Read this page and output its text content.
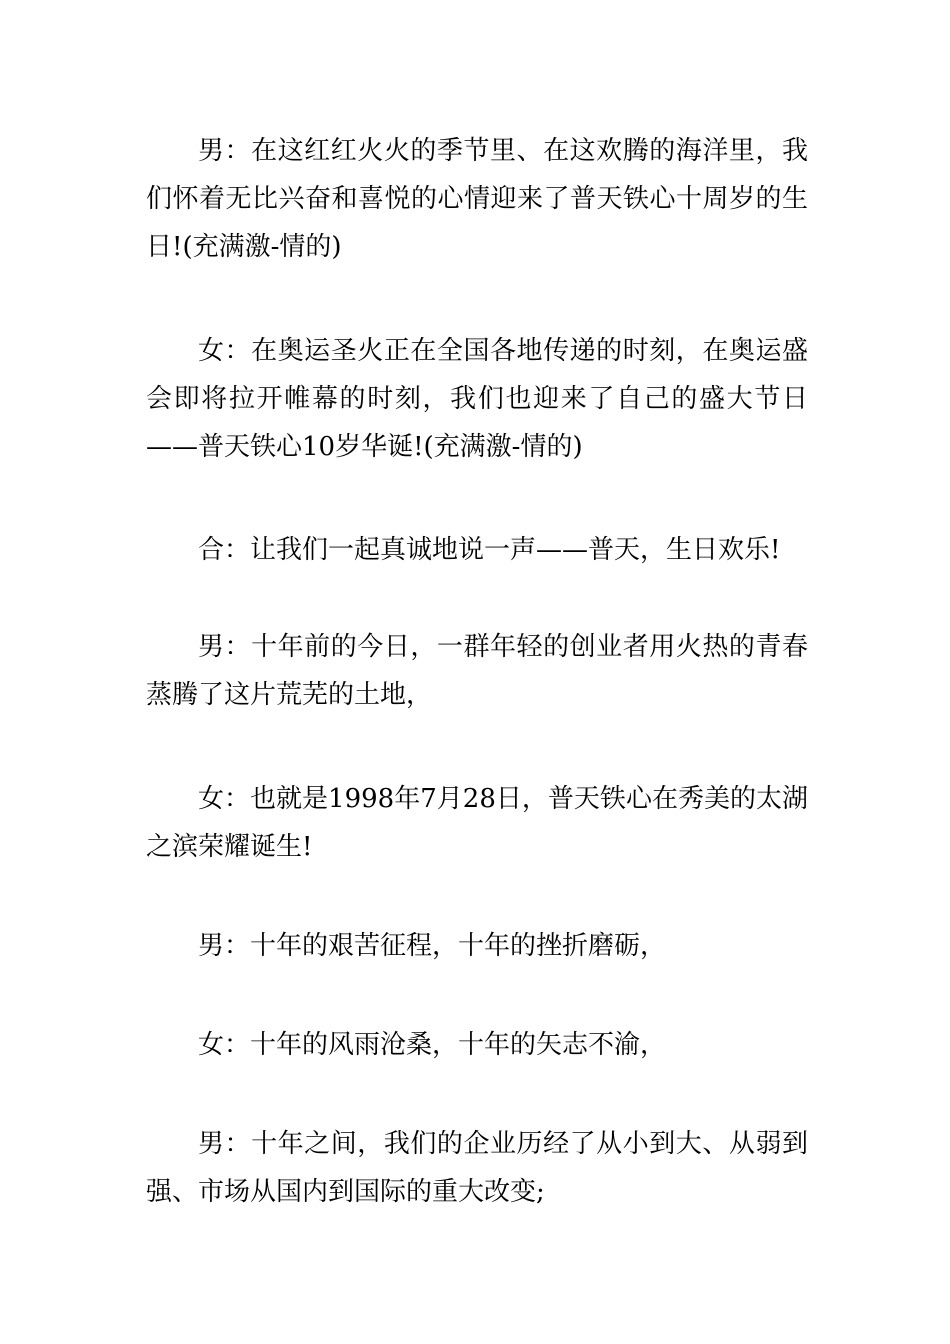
男：在这红红火火的季节里、在这欢腾的海洋里，我们怀着无比兴奋和喜悦的心情迎来了普天铁心十周岁的生日!(充满激-情的)

女：在奥运圣火正在全国各地传递的时刻，在奥运盛会即将拉开帷幕的时刻，我们也迎来了自己的盛大节日——普天铁心10岁华诞!(充满激-情的)

合：让我们一起真诚地说一声——普天，生日欢乐!

男：十年前的今日，一群年轻的创业者用火热的青春蒸腾了这片荒芜的土地，

女：也就是1998年7月28日，普天铁心在秀美的太湖之滨荣耀诞生!

男：十年的艰苦征程，十年的挫折磨砺，

女：十年的风雨沧桑，十年的矢志不渝，

男：十年之间，我们的企业历经了从小到大、从弱到强、市场从国内到国际的重大改变;
